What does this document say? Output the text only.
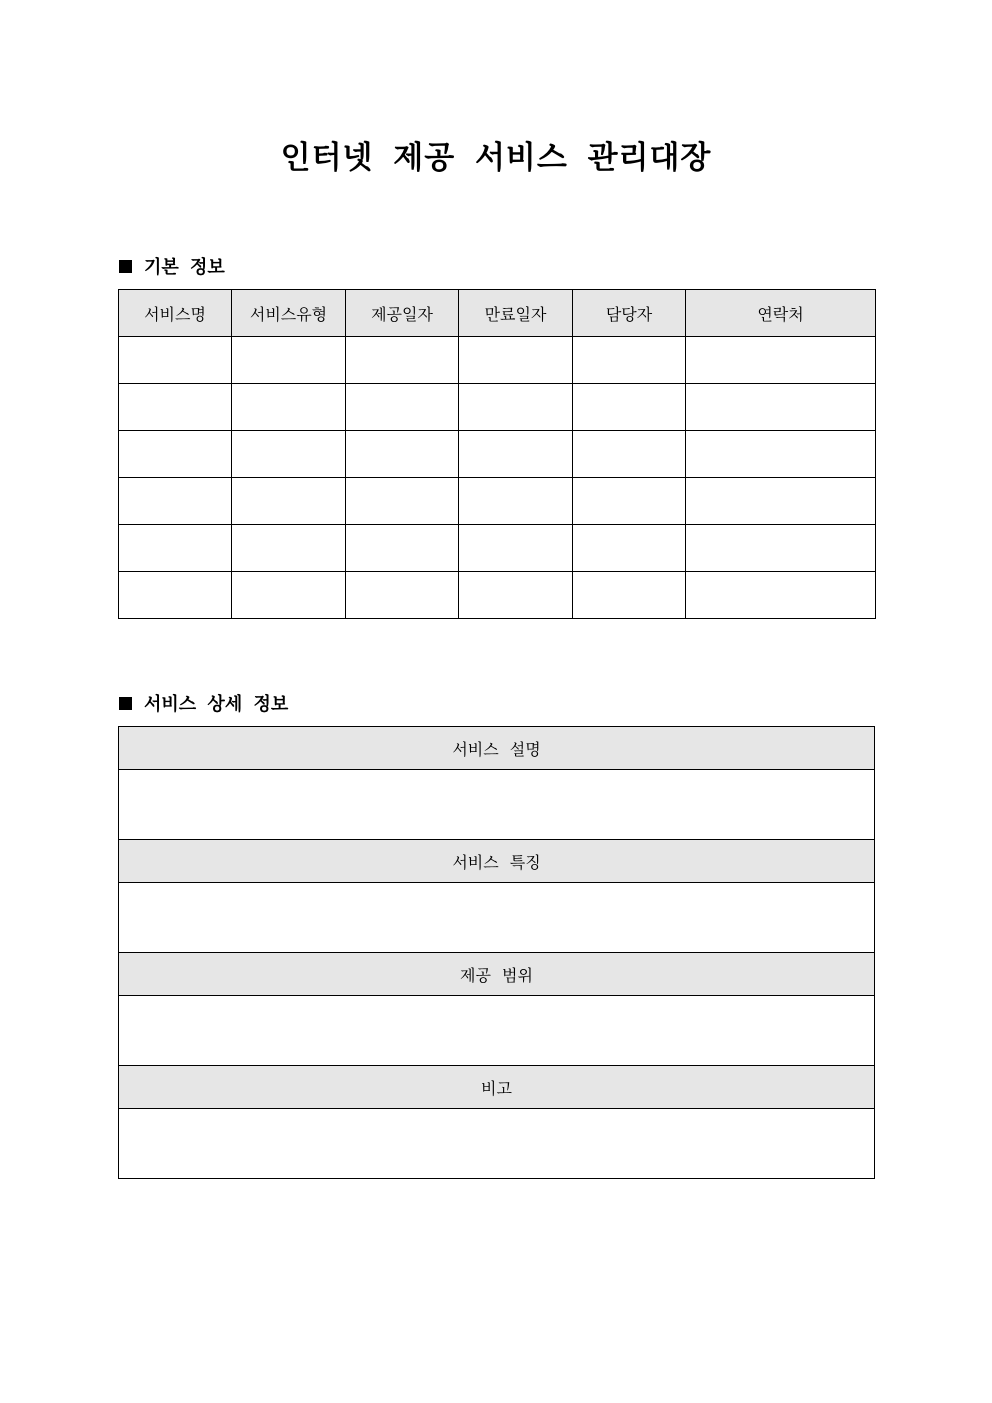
인터넷 제공 서비스 관리대장
기본 정보
서비스명	서비스유형	제공일자	만료일자	담당자	연락처

서비스 상세 정보
서비스 설명

서비스 특징

제공 범위

비고
